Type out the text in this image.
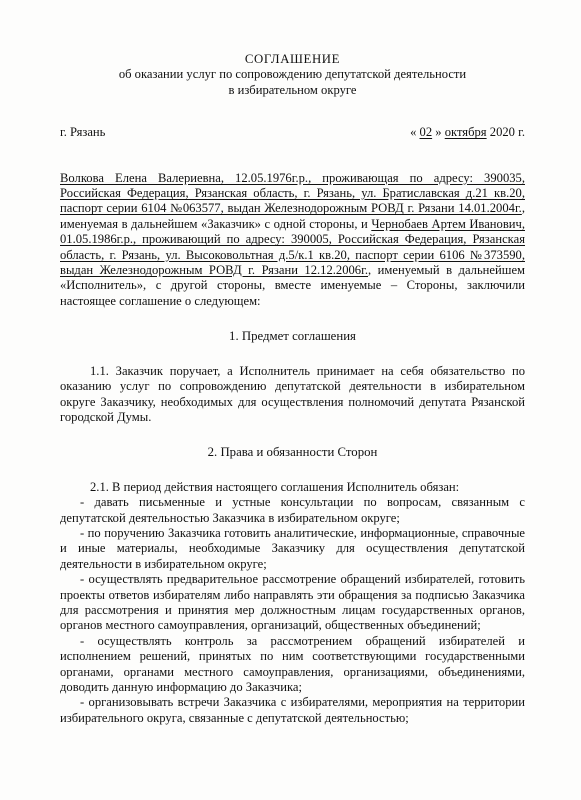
СОГЛАШЕНИЕ
об оказании услуг по сопровождению депутатской деятельности
в избирательном округе
г. Рязань	« 02 » октября 2020 г.

Волкова Елена Валериевна, 12.05.1976г.р., проживающая по адресу: 390035, Российская Федерация, Рязанская область, г. Рязань, ул. Братиславская д.21 кв.20, паспорт серии 6104 №063577, выдан Железнодорожным РОВД г. Рязани 14.01.2004г., именуемая в дальнейшем «Заказчик» с одной стороны, и Чернобаев Артем Иванович, 01.05.1986г.р., проживающий по адресу: 390005, Российская Федерация, Рязанская область, г. Рязань, ул. Высоковольтная д.5/к.1 кв.20, паспорт серии 6106 №373590, выдан Железнодорожным РОВД г. Рязани 12.12.2006г., именуемый в дальнейшем «Исполнитель», с другой стороны, вместе именуемые – Стороны, заключили настоящее соглашение о следующем:

1. Предмет соглашения

1.1. Заказчик поручает, а Исполнитель принимает на себя обязательство по оказанию услуг по сопровождению депутатской деятельности в избирательном округе Заказчику, необходимых для осуществления полномочий депутата Рязанской городской Думы.

2. Права и обязанности Сторон

2.1. В период действия настоящего соглашения Исполнитель обязан:

- давать письменные и устные консультации по вопросам, связанным с депутатской деятельностью Заказчика в избирательном округе;

- по поручению Заказчика готовить аналитические, информационные, справочные и иные материалы, необходимые Заказчику для осуществления депутатской деятельности в избирательном округе;

- осуществлять предварительное рассмотрение обращений избирателей, готовить проекты ответов избирателям либо направлять эти обращения за подписью Заказчика для рассмотрения и принятия мер должностным лицам государственных органов, органов местного самоуправления, организаций, общественных объединений;

- осуществлять контроль за рассмотрением обращений избирателей и исполнением решений, принятых по ним соответствующими государственными органами, органами местного самоуправления, организациями, объединениями, доводить данную информацию до Заказчика;

- организовывать встречи Заказчика с избирателями, мероприятия на территории избирательного округа, связанные с депутатской деятельностью;
